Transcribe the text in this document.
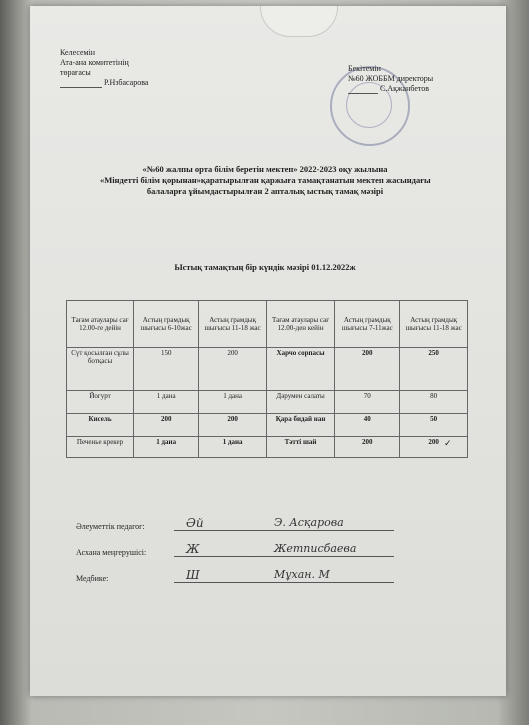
Келесемін
Ата-ана комитетінің
төрағасы
Р.Нзбасарова
Бекітемін
№60 ЖОББМ директоры
С.Ақжанбетов
«№60 жалпы орта білім беретін мектеп» 2022-2023 оқу жылына
«Міндетті білім қорынан»қаратырылған қаржыға тамақтанатын мектеп жасындағы
балаларға ұйымдастырылған 2 апталық ыстық тамақ мәзірі
Ыстық тамақтың бір күндік мәзірі 01.12.2022ж
Тағам атаулары сағ 12.00-ге дейін	Астың грамдық шығысы 6-10жас	Астың грамдық шығысы 11-18 жас	Тағам атаулары сағ 12.00-ден кейін	Астың грамдық шығысы 7-11жас	Астың грамдық шығысы 11-18 жас
Сүт қосылған сұлы ботқасы	150	200	Харчо сорпасы	200	250
Йогурт	1 дана	1 дана	Дәрумен салаты	70	80
Кисель	200	200	Қара бидай нан	40	50
Печенье крекер	1 дана	1 дана	Тәтті шай	200	200 ✓
Әлеуметтік педагог:	Әй	Э. Асқарова
Асхана меңгерушісі:	Ж	Жетписбаева
Медбике:	Ш	Мұхан. М
